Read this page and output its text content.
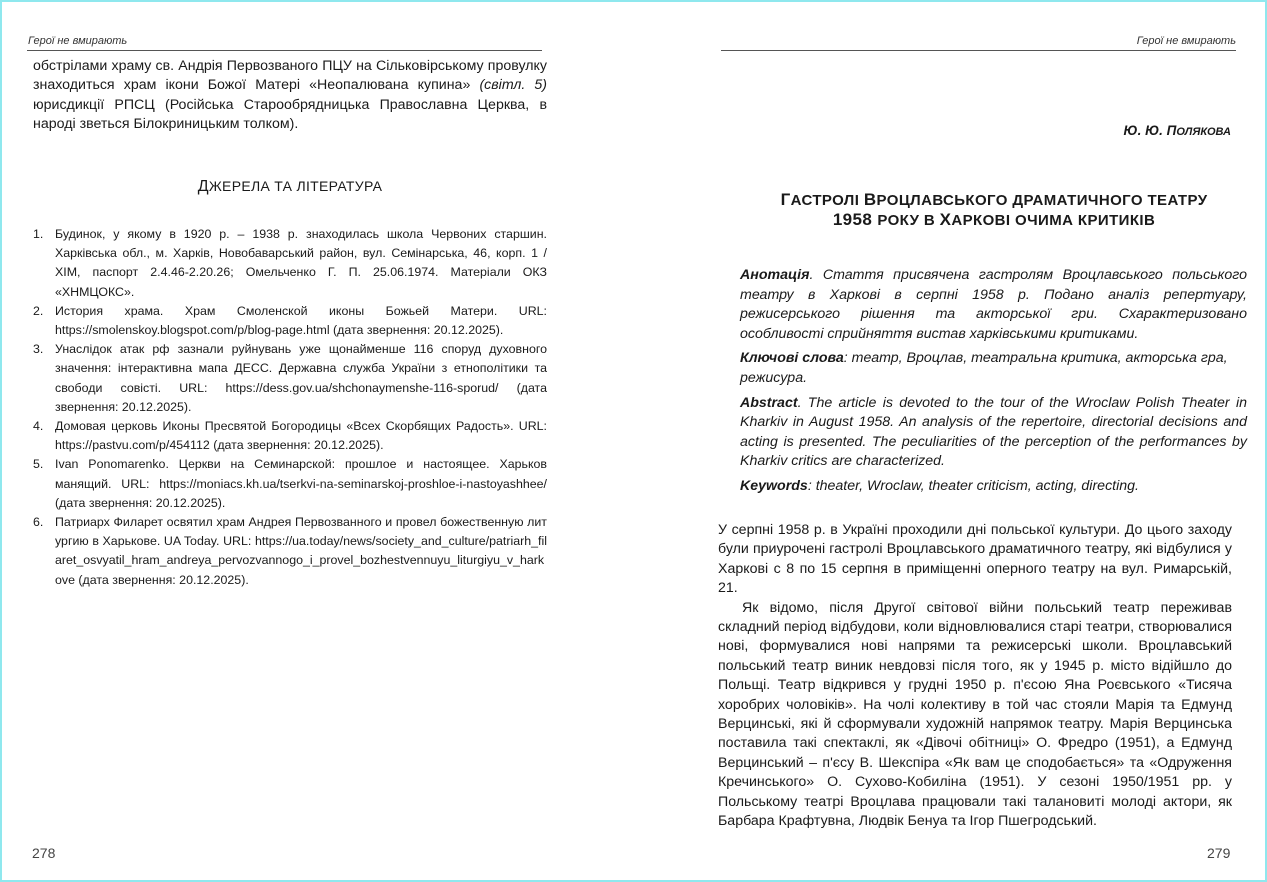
Герої не вмирають

обстрілами храму св. Андрія Первозваного ПЦУ на Сільковірському провулку знаходиться храм ікони Божої Матері «Неопалювана купина» (світл. 5) юрисдикції РПСЦ (Російська Старообрядницька Православна Церква, в народі зветься Білокриницьким толком).

ДЖЕРЕЛА ТА ЛІТЕРАТУРА
1. Будинок, у якому в 1920 р. – 1938 р. знаходилась школа Червоних старшин. Харківська обл., м. Харків, Новобаварський район, вул. Семінарська, 46, корп. 1 / ХІМ, паспорт 2.4.46-2.20.26; Омельченко Г. П. 25.06.1974. Матеріали ОКЗ «ХНМЦОКС».
2. История храма. Храм Смоленской иконы Божьей Матери. URL: https://smolenskoy.blogspot.com/p/blog-page.html (дата звернення: 20.12.2025).
3. Унаслідок атак рф зазнали руйнувань уже щонайменше 116 споруд духовного значення: інтерактивна мапа ДЕСС. Державна служба України з етнополітики та свободи совісті. URL: https://dess.gov.ua/shchonaymenshe-116-sporud/ (дата звернення: 20.12.2025).
4. Домовая церковь Иконы Пресвятой Богородицы «Всех Скорбящих Радость». URL: https://pastvu.com/p/454112 (дата звернення: 20.12.2025).
5. Ivan Ponomarenko. Церкви на Семинарской: прошлое и настоящее. Харьков манящий. URL: https://moniacs.kh.ua/tserkvi-na-seminarskoj-proshloe-i-nastoyashhee/ (дата звернення: 20.12.2025).
6. Патриарх Филарет освятил храм Андрея Первозванного и провел божественную литургию в Харькове. UA Today. URL: https://ua.today/news/society_and_culture/patriarh_filaret_osvyatil_hram_andreya_pervozvannogo_i_provel_bozhestvennuyu_liturgiyu_v_harkove (дата звернення: 20.12.2025).
278
Герої не вмирають
Ю. Ю. ПОЛЯКОВА
ГАСТРОЛІ ВРОЦЛАВСЬКОГО ДРАМАТИЧНОГО ТЕАТРУ
1958 РОКУ В ХАРКОВІ ОЧИМА КРИТИКІВ

Анотація. Стаття присвячена гастролям Вроцлавського польського театру в Харкові в серпні 1958 р. Подано аналіз репертуару, режисерського рішення та акторської гри. Схарактеризовано особливості сприйняття вистав харківськими критиками.

Ключові слова: театр, Вроцлав, театральна критика, акторська гра, режисура.

Abstract. The article is devoted to the tour of the Wroclaw Polish Theater in Kharkiv in August 1958. An analysis of the repertoire, directorial decisions and acting is presented. The peculiarities of the perception of the performances by Kharkiv critics are characterized.

Keywords: theater, Wroclaw, theater criticism, acting, directing.

У серпні 1958 р. в Україні проходили дні польської культури. До цього заходу були приурочені гастролі Вроцлавського драматичного театру, які відбулися у Харкові с 8 по 15 серпня в приміщенні оперного театру на вул. Римарській, 21.

Як відомо, після Другої світової війни польський театр переживав складний період відбудови, коли відновлювалися старі театри, створювалися нові, формувалися нові напрями та режисерські школи. Вроцлавський польський театр виник невдовзі після того, як у 1945 р. місто відійшло до Польщі. Театр відкрився у грудні 1950 р. п'єсою Яна Роєвського «Тисяча хоробрих чоловіків». На чолі колективу в той час стояли Марія та Едмунд Верцинські, які й сформували художній напрямок театру. Марія Верцинська поставила такі спектаклі, як «Дівочі обітниці» О. Фредро (1951), а Едмунд Верцинський – п'єсу В. Шекспіра «Як вам це сподобається» та «Одруження Кречинського» О. Сухово-Кобиліна (1951). У сезоні 1950/1951 рр. у Польському театрі Вроцлава працювали такі талановиті молоді актори, як Барбара Крафтувна, Людвік Бенуа та Ігор Пшегродський.

279
